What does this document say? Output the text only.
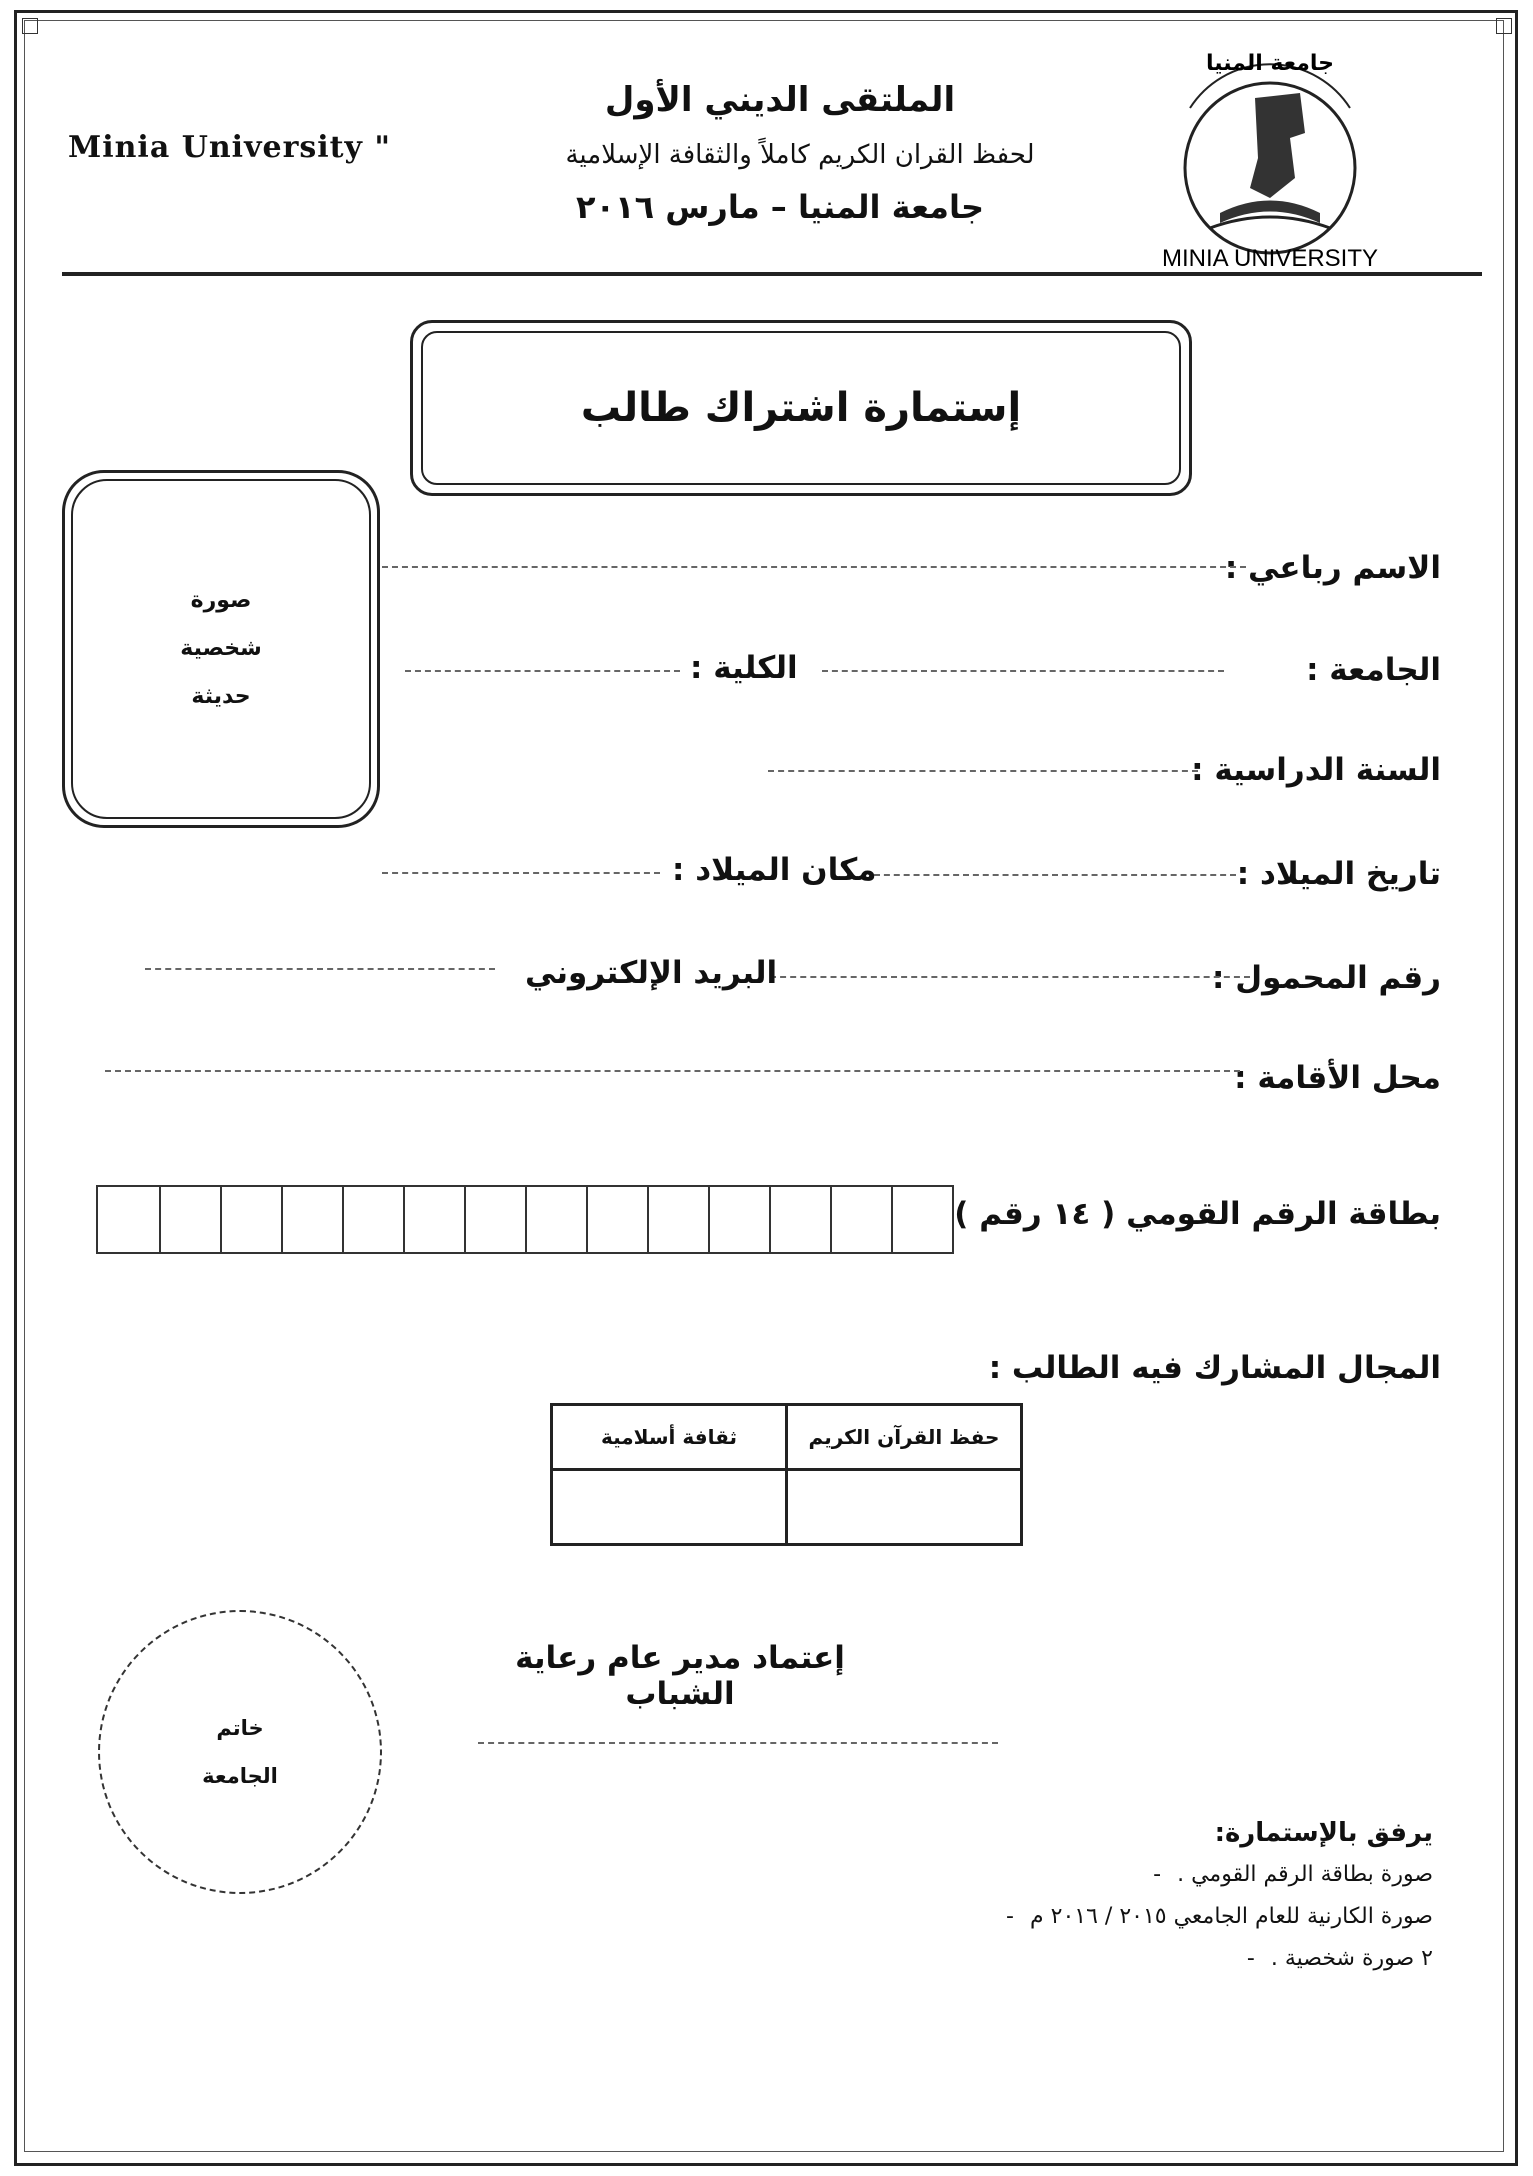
Minia University "
الملتقى الديني الأول
لحفظ القران الكريم كاملاً والثقافة الإسلامية
جامعة المنيا – مارس ٢٠١٦
جامعة المنيا
MINIA UNIVERSITY
إستمارة اشتراك طالب
صورة
شخصية
حديثة
الاسم رباعي :
الجامعة :
الكلية :
السنة الدراسية :
تاريخ الميلاد :
مكان الميلاد :
رقم المحمول :
البريد الإلكتروني
محل الأقامة :
بطاقة الرقم القومي ( ١٤ رقم )
المجال المشارك فيه الطالب :
ثقافة أسلامية	حفظ القرآن الكريم

إعتماد مدير عام رعاية الشباب
خاتم
الجامعة
يرفق بالإستمارة:
صورة بطاقة الرقم القومي .-
صورة الكارنية للعام الجامعي ٢٠١٥ / ٢٠١٦ م-
٢ صورة شخصية .-
